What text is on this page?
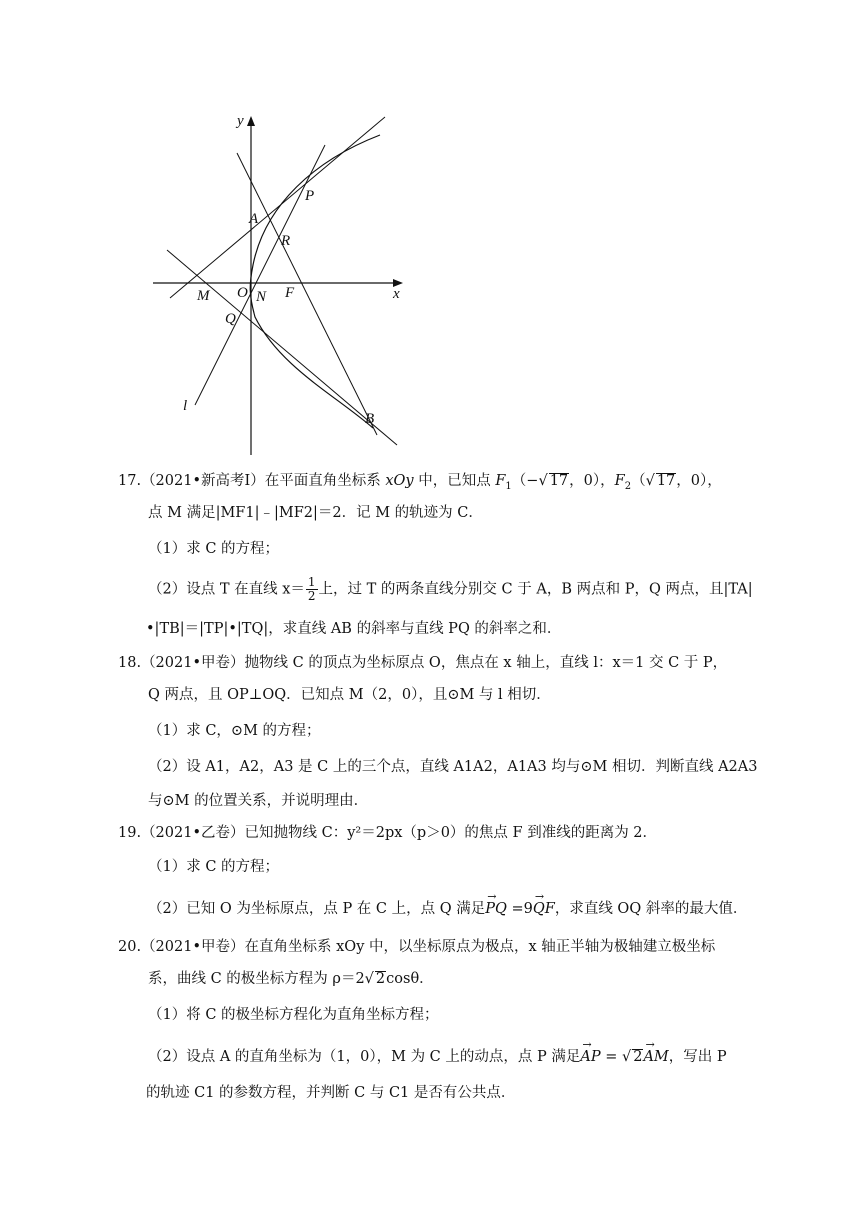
y
x
O N F
M
A
R
P
Q
B
l
17.（2021•新高考Ⅰ）在平面直角坐标系 xOy 中，已知点 $F_1(-√$ 17，0），$F_2(√$ 17，0），
点 M 满足|MF1|﹣|MF2|＝2．记 M 的轨迹为 C．
（1）求 C 的方程；
（2）设点 T 在直线 $x= \frac{1}{2}$ 上，过 T 的两条直线分别交 C 于 A，B 两点和 P，Q 两点，且|TA|
•|TB|＝|TP|•|TQ|，求直线 AB 的斜率与直线 PQ 的斜率之和．
18.（2021•甲卷）抛物线 C 的顶点为坐标原点 O，焦点在 x 轴上，直线 l：x＝1 交 C 于 P，
Q 两点，且 OP⊥OQ．已知点 M（2，0），且⊙M 与 l 相切．
（1）求 C，⊙M 的方程；
（2）设 A1，A2，A3 是 C 上的三个点，直线 A1A2，A1A3 均与⊙M 相切．判断直线 A2A3
与⊙M 的位置关系，并说明理由．
19.（2021•乙卷）已知抛物线 C：y²＝2px（p＞0）的焦点 F 到准线的距离为 2．
（1）求 C 的方程；
（2）已知 O 为坐标原点，点 P 在 C 上，点 Q 满足→ PQ =9→ QF，求直线 OQ 斜率的最大值．
20.（2021•甲卷）在直角坐标系 xOy 中，以坐标原点为极点，x 轴正半轴为极轴建立极坐标
系，曲线 C 的极坐标方程为 ρ＝2√ 2cosθ．
（1）将 C 的极坐标方程化为直角坐标方程；
（2）设点 A 的直角坐标为（1，0），M 为 C 上的动点，点 P 满足→ AP = √ 2→ AM，写出 P
的轨迹 C1 的参数方程，并判断 C 与 C1 是否有公共点．
